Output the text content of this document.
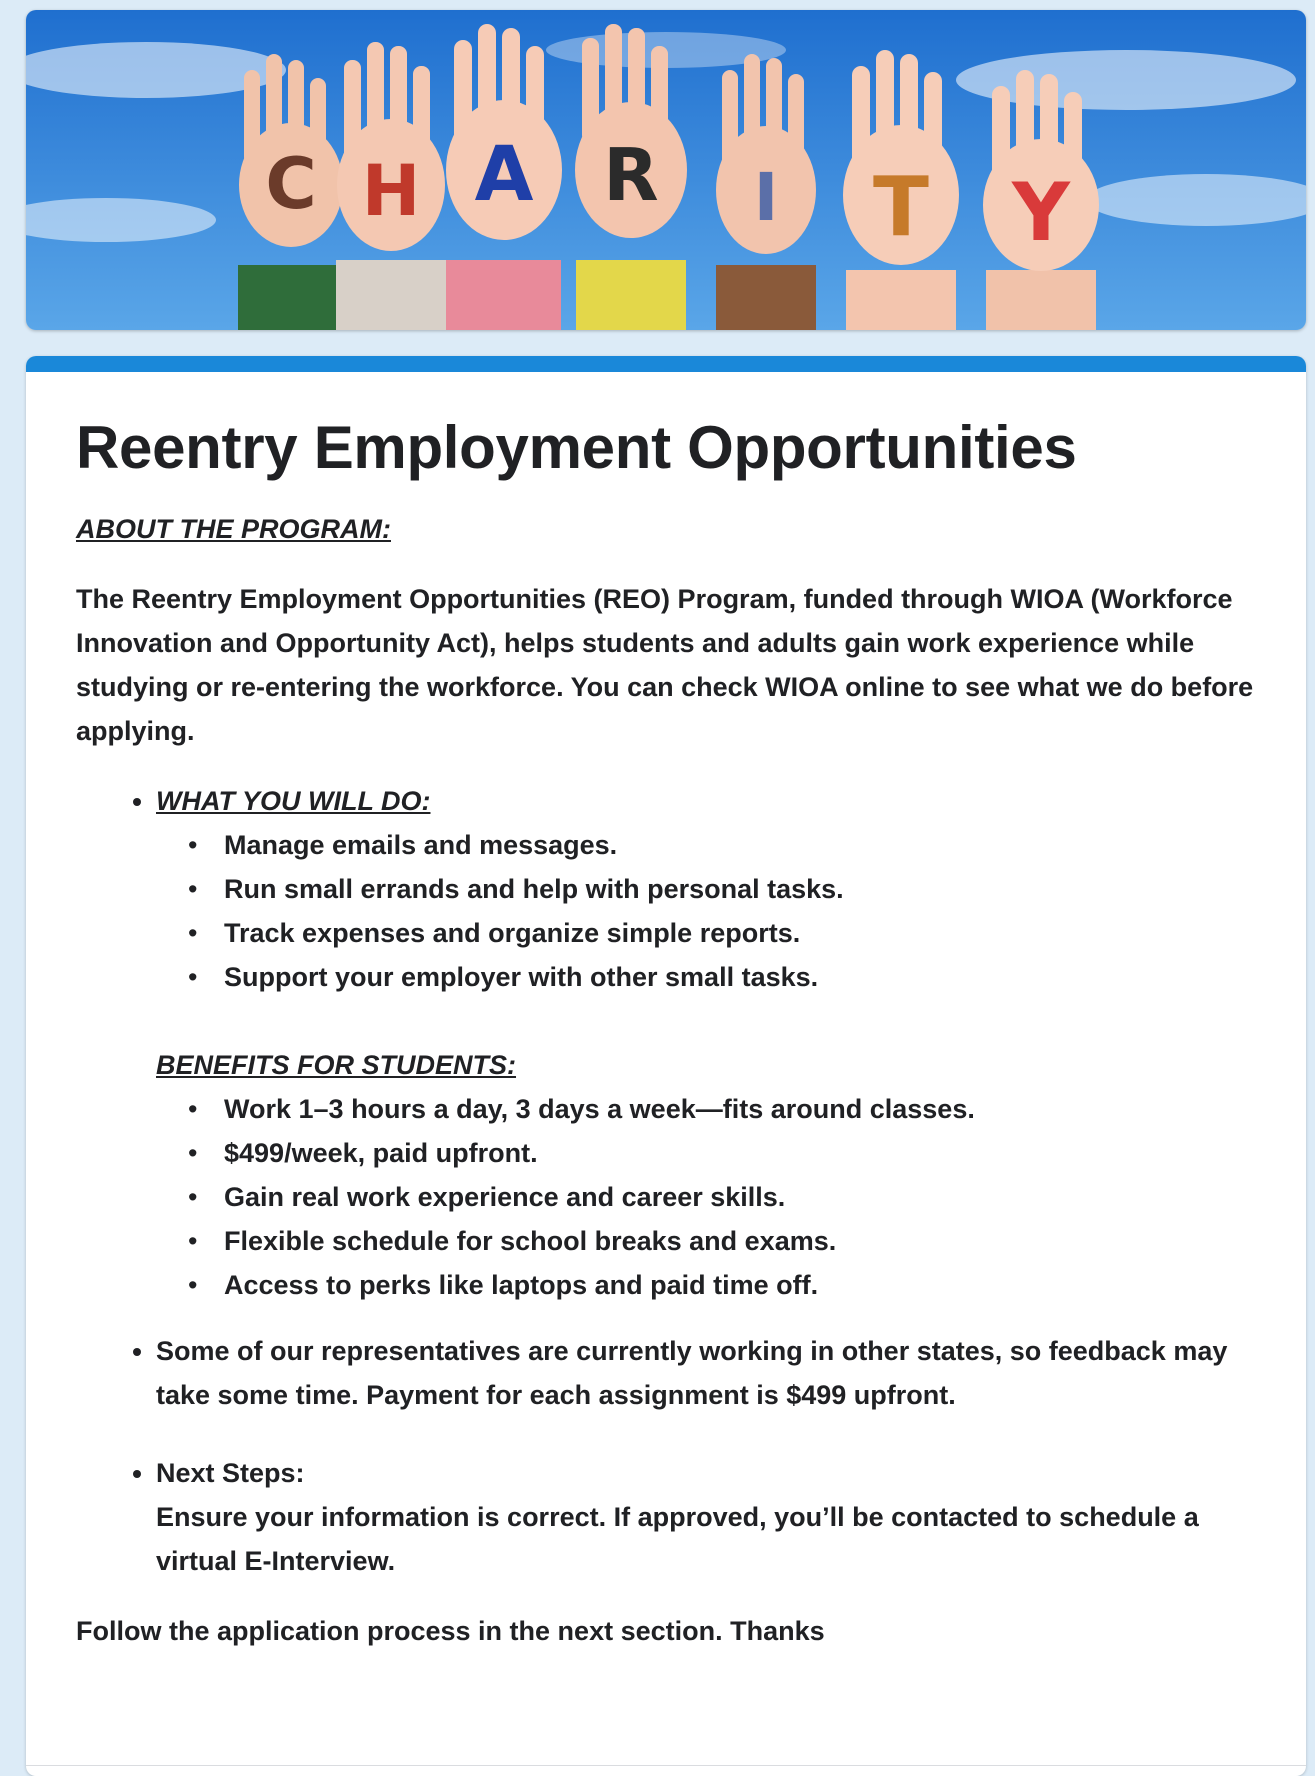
C H A R I T Y
Reentry Employment Opportunities

ABOUT THE PROGRAM:

The Reentry Employment Opportunities (REO) Program, funded through WIOA (Workforce Innovation and Opportunity Act), helps students and adults gain work experience while studying or re-entering the workforce. You can check WIOA online to see what we do before applying.

• WHAT YOU WILL DO:
• Manage emails and messages.
• Run small errands and help with personal tasks.
• Track expenses and organize simple reports.
• Support your employer with other small tasks.
BENEFITS FOR STUDENTS:
• Work 1–3 hours a day, 3 days a week—fits around classes.
• $499/week, paid upfront.
• Gain real work experience and career skills.
• Flexible schedule for school breaks and exams.
• Access to perks like laptops and paid time off.
• Some of our representatives are currently working in other states, so feedback may take some time. Payment for each assignment is $499 upfront.
• Next Steps:
Ensure your information is correct. If approved, you’ll be contacted to schedule a virtual E-Interview.

Follow the application process in the next section. Thanks
